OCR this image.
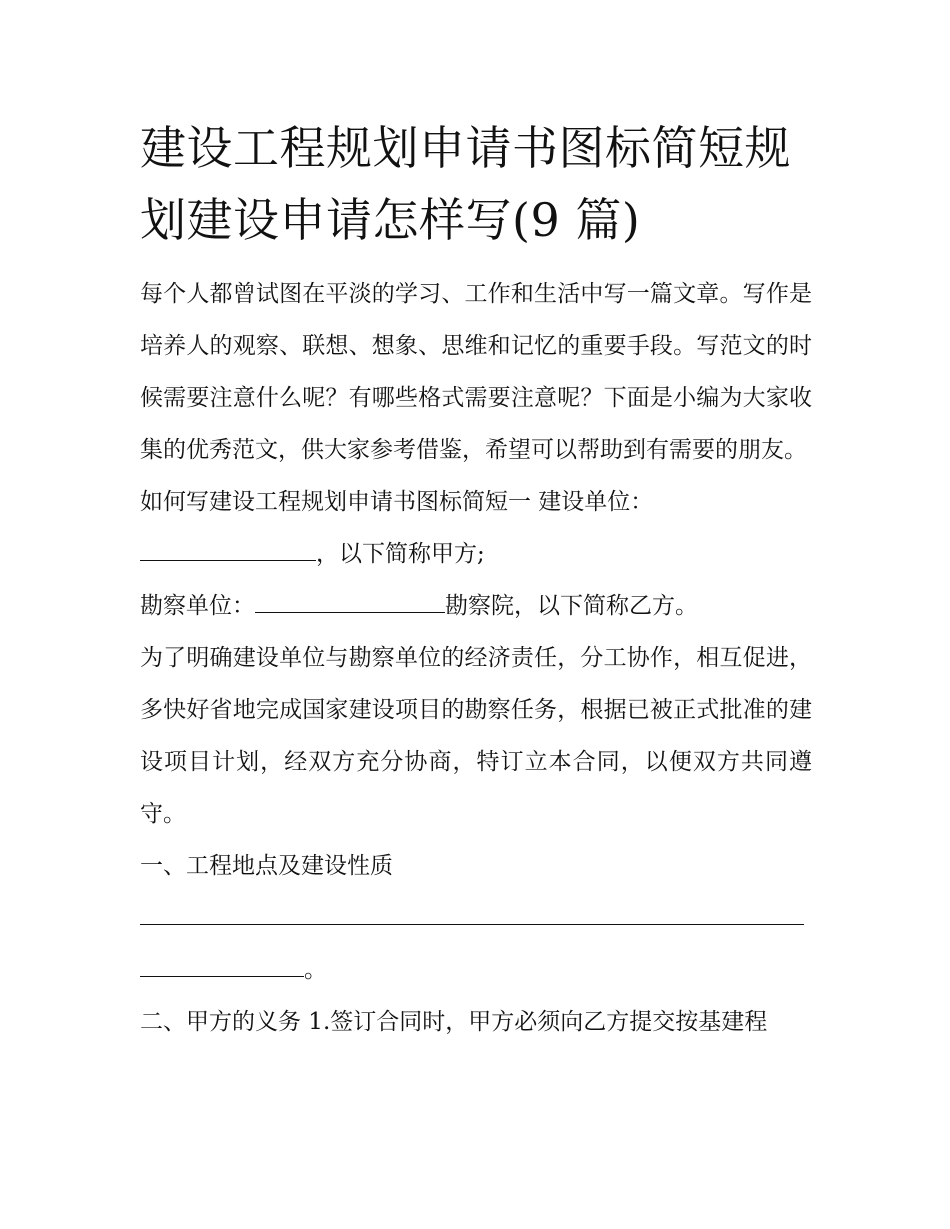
建设工程规划申请书图标简短规划建设申请怎样写(9 篇)

每个人都曾试图在平淡的学习、工作和生活中写一篇文章。写作是培养人的观察、联想、想象、思维和记忆的重要手段。写范文的时候需要注意什么呢？有哪些格式需要注意呢？下面是小编为大家收集的优秀范文，供大家参考借鉴，希望可以帮助到有需要的朋友。

如何写建设工程规划申请书图标简短一 建设单位：

，以下简称甲方;

勘察单位：	勘察院，以下简称乙方。

为了明确建设单位与勘察单位的经济责任，分工协作，相互促进，多快好省地完成国家建设项目的勘察任务，根据已被正式批准的建设项目计划，经双方充分协商，特订立本合同，以便双方共同遵守。

一、工程地点及建设性质

。

二、甲方的义务 1.签订合同时，甲方必须向乙方提交按基建程
